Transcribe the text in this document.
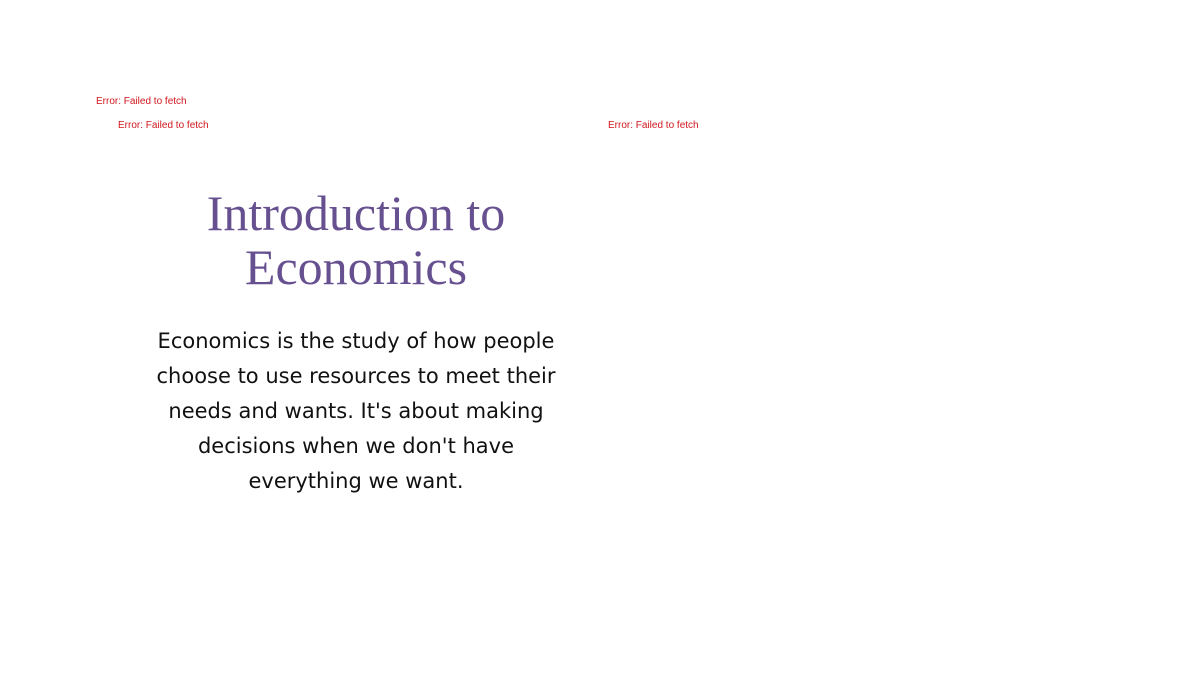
Error: Failed to fetch
Error: Failed to fetch	Error: Failed to fetch
Introduction to Economics

Economics is the study of how people choose to use resources to meet their needs and wants. It's about making decisions when we don't have everything we want.
